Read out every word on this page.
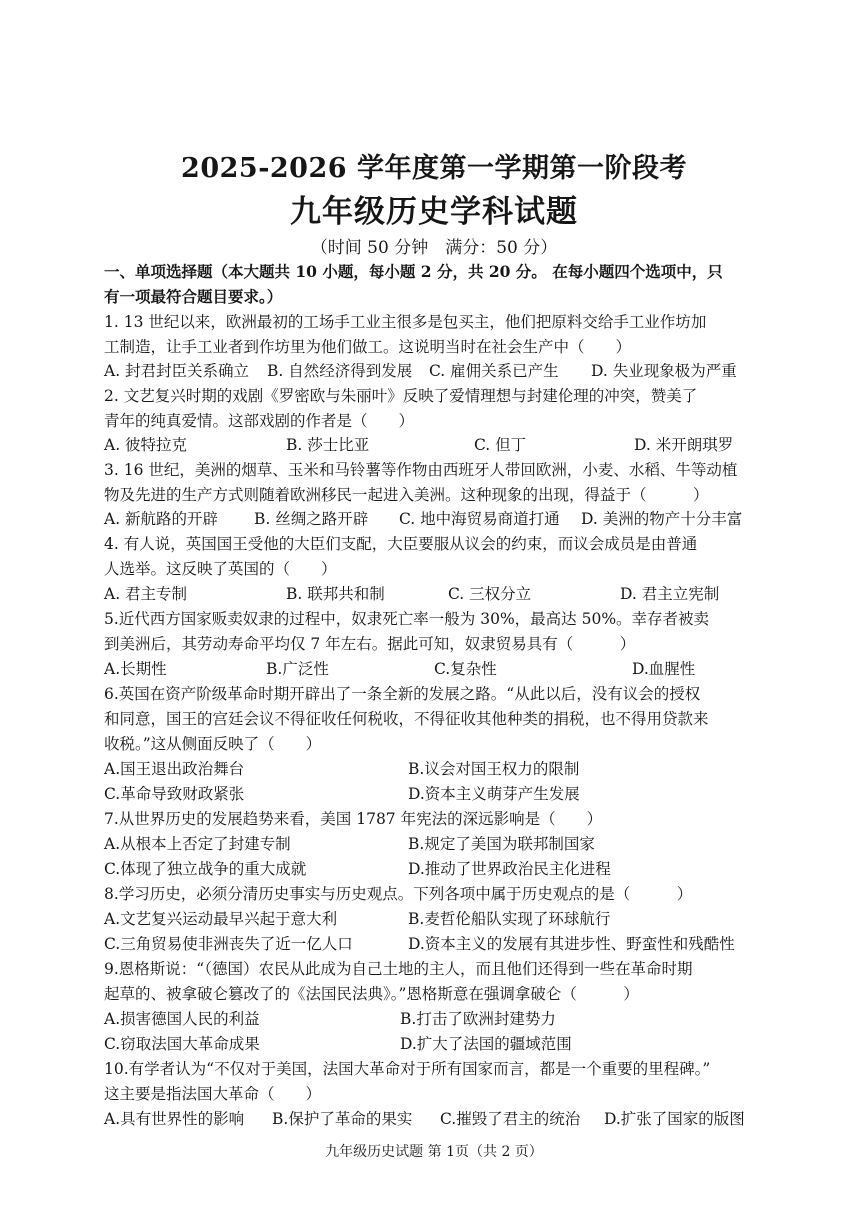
2025-2026 学年度第一学期第一阶段考
九年级历史学科试题
（时间 50 分钟　满分：50 分）
一、单项选择题（本大题共 10 小题，每小题 2 分，共 20 分。 在每小题四个选项中，只
有一项最符合题目要求。）
1. 13 世纪以来，欧洲最初的工场手工业主很多是包买主，他们把原料交给手工业作坊加
工制造，让手工业者到作坊里为他们做工。这说明当时在社会生产中（　　）
A. 封君封臣关系确立	B. 自然经济得到发展	C. 雇佣关系已产生	D. 失业现象极为严重
2. 文艺复兴时期的戏剧《罗密欧与朱丽叶》反映了爱情理想与封建伦理的冲突，赞美了
青年的纯真爱情。这部戏剧的作者是（　　）
A. 彼特拉克	B. 莎士比亚	C. 但丁	D. 米开朗琪罗
3. 16 世纪，美洲的烟草、玉米和马铃薯等作物由西班牙人带回欧洲，小麦、水稻、牛等动植
物及先进的生产方式则随着欧洲移民一起进入美洲。这种现象的出现，得益于（　　　）
A. 新航路的开辟	B. 丝绸之路开辟	C. 地中海贸易商道打通	D. 美洲的物产十分丰富
4. 有人说，英国国王受他的大臣们支配，大臣要服从议会的约束，而议会成员是由普通
人选举。这反映了英国的（　　）
A. 君主专制	B. 联邦共和制	C. 三权分立	D. 君主立宪制
5.近代西方国家贩卖奴隶的过程中，奴隶死亡率一般为 30%，最高达 50%。幸存者被卖
到美洲后，其劳动寿命平均仅 7 年左右。据此可知，奴隶贸易具有（　　　）
A.长期性	B.广泛性	C.复杂性	D.血腥性
6.英国在资产阶级革命时期开辟出了一条全新的发展之路。“从此以后，没有议会的授权
和同意，国王的宫廷会议不得征收任何税收，不得征收其他种类的捐税，也不得用贷款来
收税。”这从侧面反映了（　　）
A.国王退出政治舞台	B.议会对国王权力的限制
C.革命导致财政紧张	D.资本主义萌芽产生发展
7.从世界历史的发展趋势来看，美国 1787 年宪法的深远影响是（　　）
A.从根本上否定了封建专制	B.规定了美国为联邦制国家
C.体现了独立战争的重大成就	D.推动了世界政治民主化进程
8.学习历史，必须分清历史事实与历史观点。下列各项中属于历史观点的是（　　　）
A.文艺复兴运动最早兴起于意大利	B.麦哲伦船队实现了环球航行
C.三角贸易使非洲丧失了近一亿人口	D.资本主义的发展有其进步性、野蛮性和残酷性
9.恩格斯说：“（德国）农民从此成为自己土地的主人，而且他们还得到一些在革命时期
起草的、被拿破仑篡改了的《法国民法典》。”恩格斯意在强调拿破仑（　　　）
A.损害德国人民的利益	B.打击了欧洲封建势力
C.窃取法国大革命成果	D.扩大了法国的疆域范围
10.有学者认为“不仅对于美国，法国大革命对于所有国家而言，都是一个重要的里程碑。”
这主要是指法国大革命（　　）
A.具有世界性的影响	B.保护了革命的果实	C.摧毁了君主的统治	D.扩张了国家的版图
九年级历史试题 第 1页（共 2 页）
